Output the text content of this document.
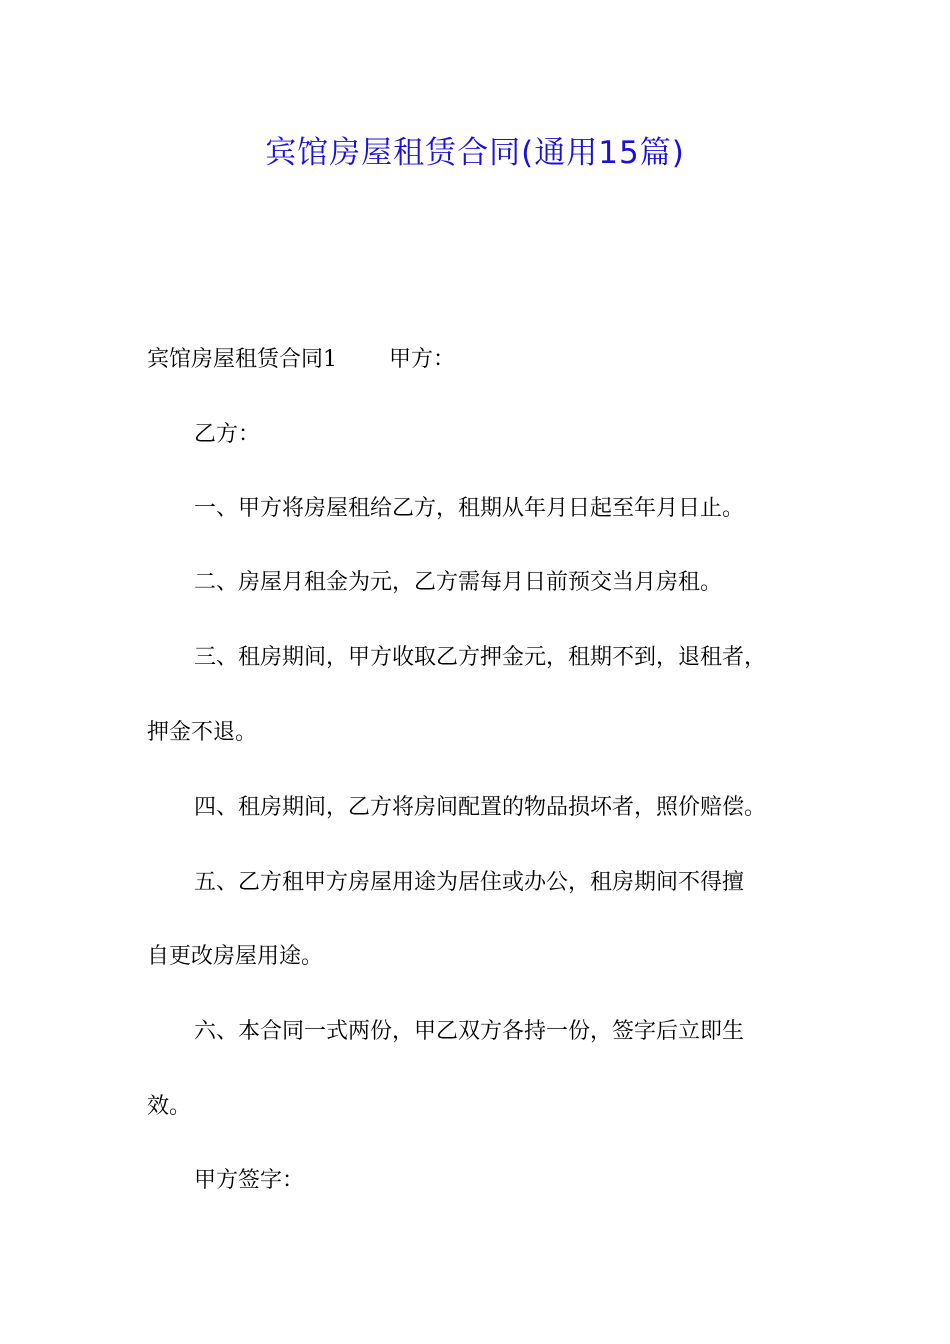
宾馆房屋租赁合同(通用15篇)
宾馆房屋租赁合同1 甲方：
乙方：
一、甲方将房屋租给乙方，租期从年月日起至年月日止。
二、房屋月租金为元，乙方需每月日前预交当月房租。
三、租房期间，甲方收取乙方押金元，租期不到，退租者，
押金不退。
四、租房期间，乙方将房间配置的物品损坏者，照价赔偿。
五、乙方租甲方房屋用途为居住或办公，租房期间不得擅
自更改房屋用途。
六、本合同一式两份，甲乙双方各持一份，签字后立即生
效。
甲方签字：
